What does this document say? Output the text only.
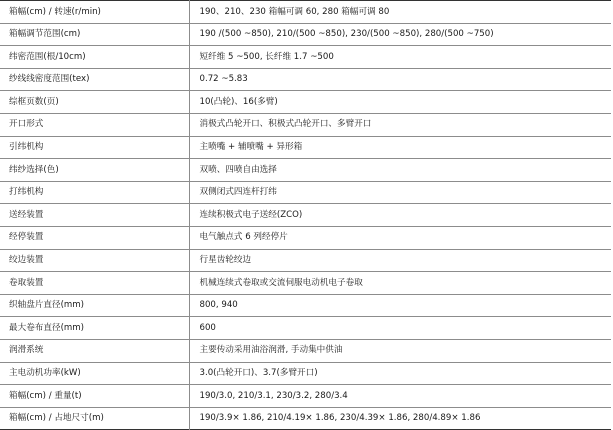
箱幅(cm) / 转速(r/min)	190、210、230 箱幅可调 60, 280 箱幅可调 80
箱幅调节范围(cm)	190 /(500 ~850), 210/(500 ~850), 230/(500 ~850), 280/(500 ~750)
纬密范围(根/10cm)	短纤维 5 ~500, 长纤维 1.7 ~500
纱线线密度范围(tex)	0.72 ~5.83
综框页数(页)	10(凸轮)、16(多臂)
开口形式	消极式凸轮开口、积极式凸轮开口、多臂开口
引纬机构	主喷嘴 + 辅喷嘴 + 异形箱
纬纱选择(色)	双喷、四喷自由选择
打纬机构	双侧闭式四连杆打纬
送经装置	连续积极式电子送经(ZCO)
经停装置	电气触点式 6 列经停片
绞边装置	行星齿轮绞边
卷取装置	机械连续式卷取或交流伺服电动机电子卷取
织轴盘片直径(mm)	800, 940
最大卷布直径(mm)	600
润滑系统	主要传动采用油浴润滑, 手动集中供油
主电动机功率(kW)	3.0(凸轮开口)、3.7(多臂开口)
箱幅(cm) / 重量(t)	190/3.0, 210/3.1, 230/3.2, 280/3.4
箱幅(cm) / 占地尺寸(m)	190/3.9× 1.86, 210/4.19× 1.86, 230/4.39× 1.86, 280/4.89× 1.86
